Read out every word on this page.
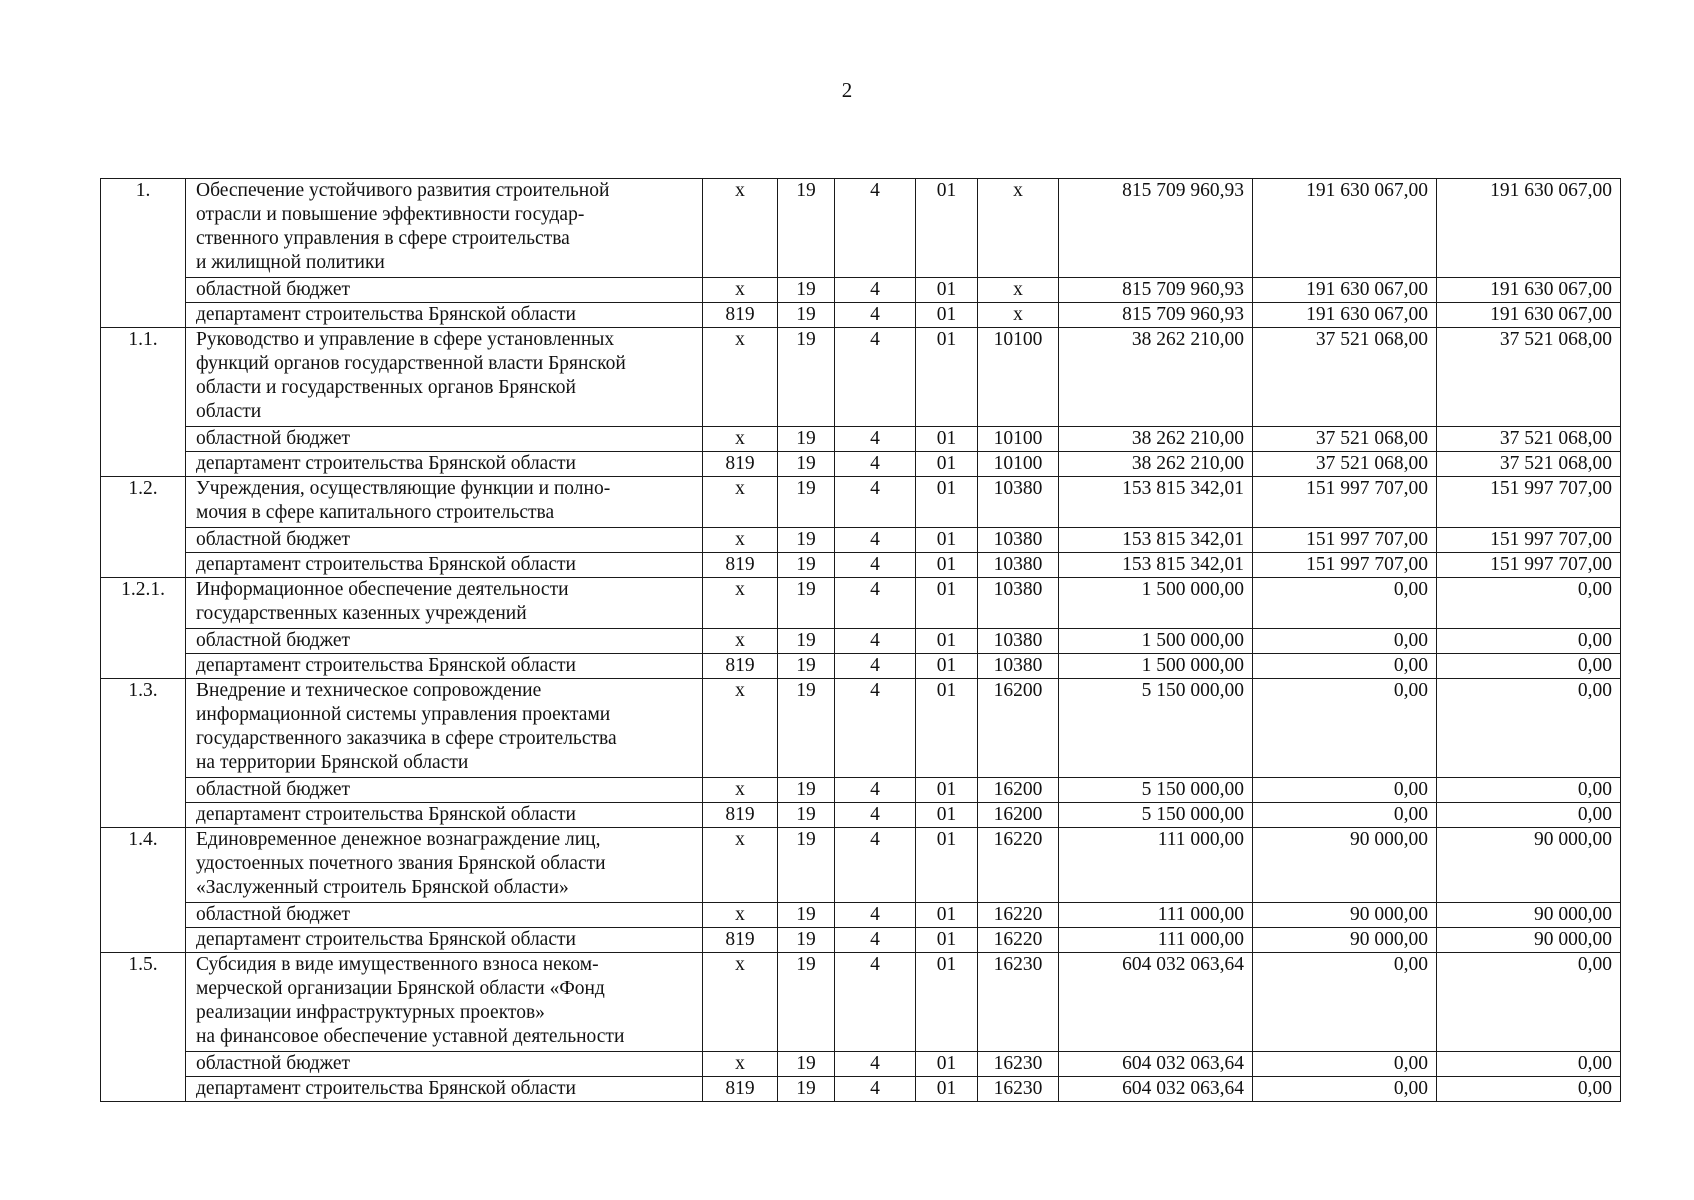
2
1.	Обеспечение устойчивого развития строительной
отрасли и повышение эффективности государ-
ственного управления в сфере строительства
и жилищной политики	х	19	4	01	х	815 709 960,93	191 630 067,00	191 630 067,00
	областной бюджет	х	19	4	01	х	815 709 960,93	191 630 067,00	191 630 067,00
	департамент строительства Брянской области	819	19	4	01	х	815 709 960,93	191 630 067,00	191 630 067,00
1.1.	Руководство и управление в сфере установленных
функций органов государственной власти Брянской
области и государственных органов Брянской
области	х	19	4	01	10100	38 262 210,00	37 521 068,00	37 521 068,00
	областной бюджет	х	19	4	01	10100	38 262 210,00	37 521 068,00	37 521 068,00
	департамент строительства Брянской области	819	19	4	01	10100	38 262 210,00	37 521 068,00	37 521 068,00
1.2.	Учреждения, осуществляющие функции и полно-
мочия в сфере капитального строительства	х	19	4	01	10380	153 815 342,01	151 997 707,00	151 997 707,00
	областной бюджет	х	19	4	01	10380	153 815 342,01	151 997 707,00	151 997 707,00
	департамент строительства Брянской области	819	19	4	01	10380	153 815 342,01	151 997 707,00	151 997 707,00
1.2.1.	Информационное обеспечение деятельности
государственных казенных учреждений	х	19	4	01	10380	1 500 000,00	0,00	0,00
	областной бюджет	х	19	4	01	10380	1 500 000,00	0,00	0,00
	департамент строительства Брянской области	819	19	4	01	10380	1 500 000,00	0,00	0,00
1.3.	Внедрение и техническое сопровождение
информационной системы управления проектами
государственного заказчика в сфере строительства
на территории Брянской области	х	19	4	01	16200	5 150 000,00	0,00	0,00
	областной бюджет	х	19	4	01	16200	5 150 000,00	0,00	0,00
	департамент строительства Брянской области	819	19	4	01	16200	5 150 000,00	0,00	0,00
1.4.	Единовременное денежное вознаграждение лиц,
удостоенных почетного звания Брянской области
«Заслуженный строитель Брянской области»	х	19	4	01	16220	111 000,00	90 000,00	90 000,00
	областной бюджет	х	19	4	01	16220	111 000,00	90 000,00	90 000,00
	департамент строительства Брянской области	819	19	4	01	16220	111 000,00	90 000,00	90 000,00
1.5.	Субсидия в виде имущественного взноса неком-
мерческой организации Брянской области «Фонд
реализации инфраструктурных проектов»
на финансовое обеспечение уставной деятельности	х	19	4	01	16230	604 032 063,64	0,00	0,00
	областной бюджет	х	19	4	01	16230	604 032 063,64	0,00	0,00
	департамент строительства Брянской области	819	19	4	01	16230	604 032 063,64	0,00	0,00
